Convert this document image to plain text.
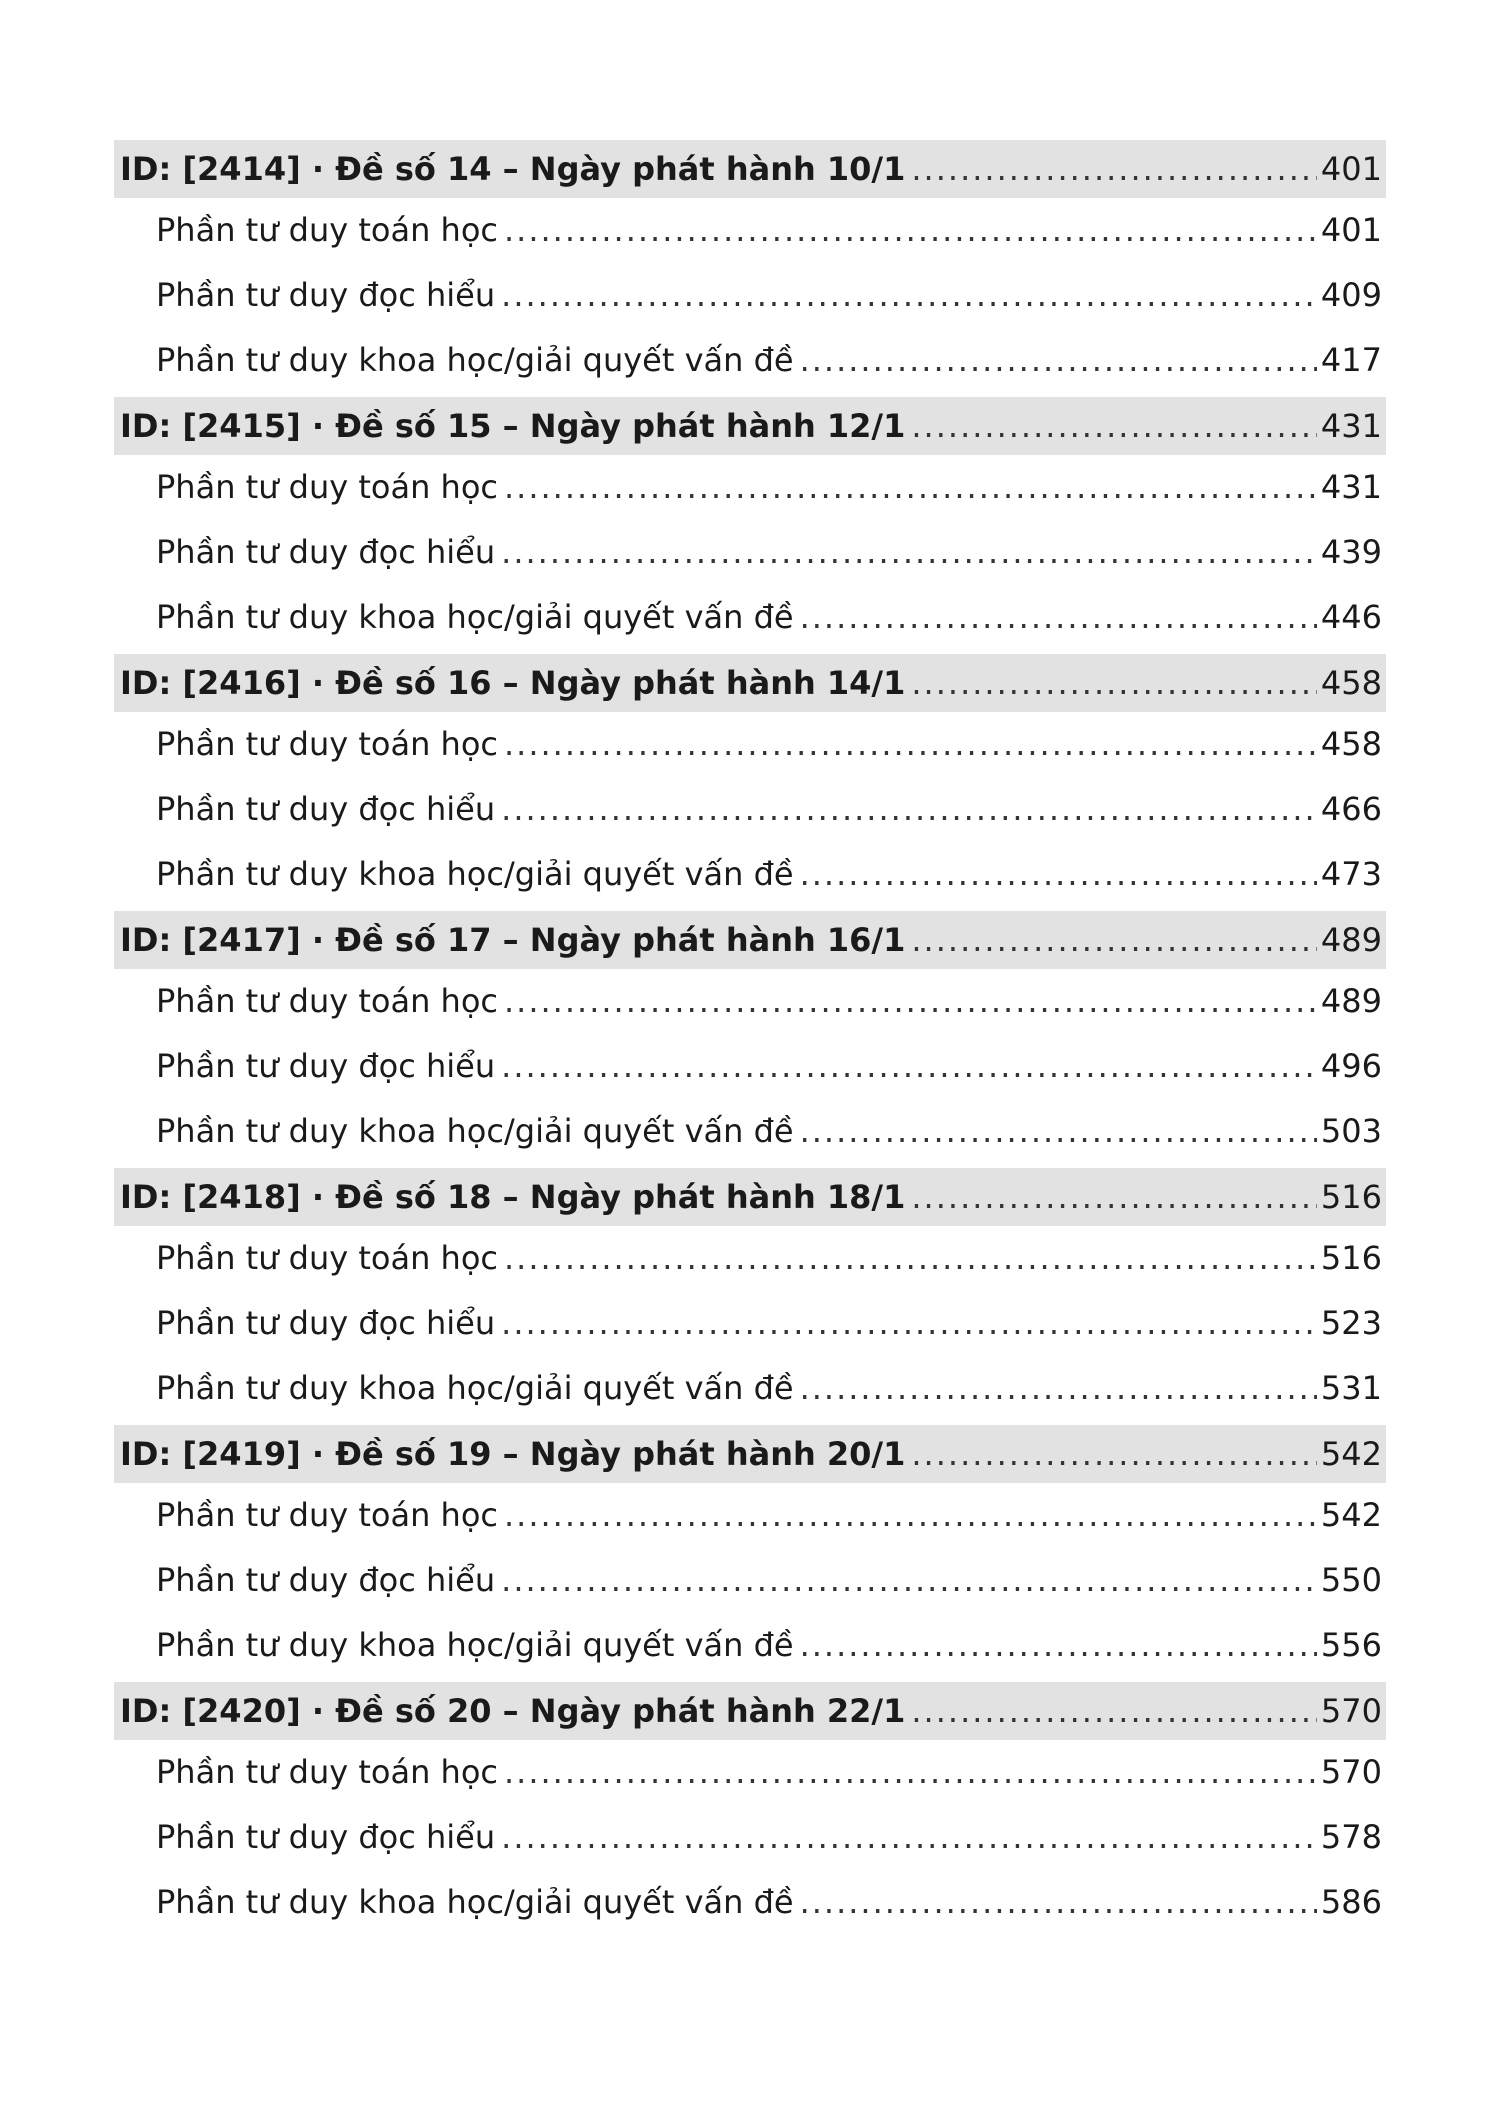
ID: [2414] · Đề số 14 – Ngày phát hành 10/1 .....	401
Phần tư duy toán học .....	401
Phần tư duy đọc hiểu .....	409
Phần tư duy khoa học/giải quyết vấn đề .....	417
ID: [2415] · Đề số 15 – Ngày phát hành 12/1 .....	431
Phần tư duy toán học .....	431
Phần tư duy đọc hiểu .....	439
Phần tư duy khoa học/giải quyết vấn đề .....	446
ID: [2416] · Đề số 16 – Ngày phát hành 14/1 .....	458
Phần tư duy toán học .....	458
Phần tư duy đọc hiểu .....	466
Phần tư duy khoa học/giải quyết vấn đề .....	473
ID: [2417] · Đề số 17 – Ngày phát hành 16/1 .....	489
Phần tư duy toán học .....	489
Phần tư duy đọc hiểu .....	496
Phần tư duy khoa học/giải quyết vấn đề .....	503
ID: [2418] · Đề số 18 – Ngày phát hành 18/1 .....	516
Phần tư duy toán học .....	516
Phần tư duy đọc hiểu .....	523
Phần tư duy khoa học/giải quyết vấn đề .....	531
ID: [2419] · Đề số 19 – Ngày phát hành 20/1 .....	542
Phần tư duy toán học .....	542
Phần tư duy đọc hiểu .....	550
Phần tư duy khoa học/giải quyết vấn đề .....	556
ID: [2420] · Đề số 20 – Ngày phát hành 22/1 .....	570
Phần tư duy toán học .....	570
Phần tư duy đọc hiểu .....	578
Phần tư duy khoa học/giải quyết vấn đề .....	586
